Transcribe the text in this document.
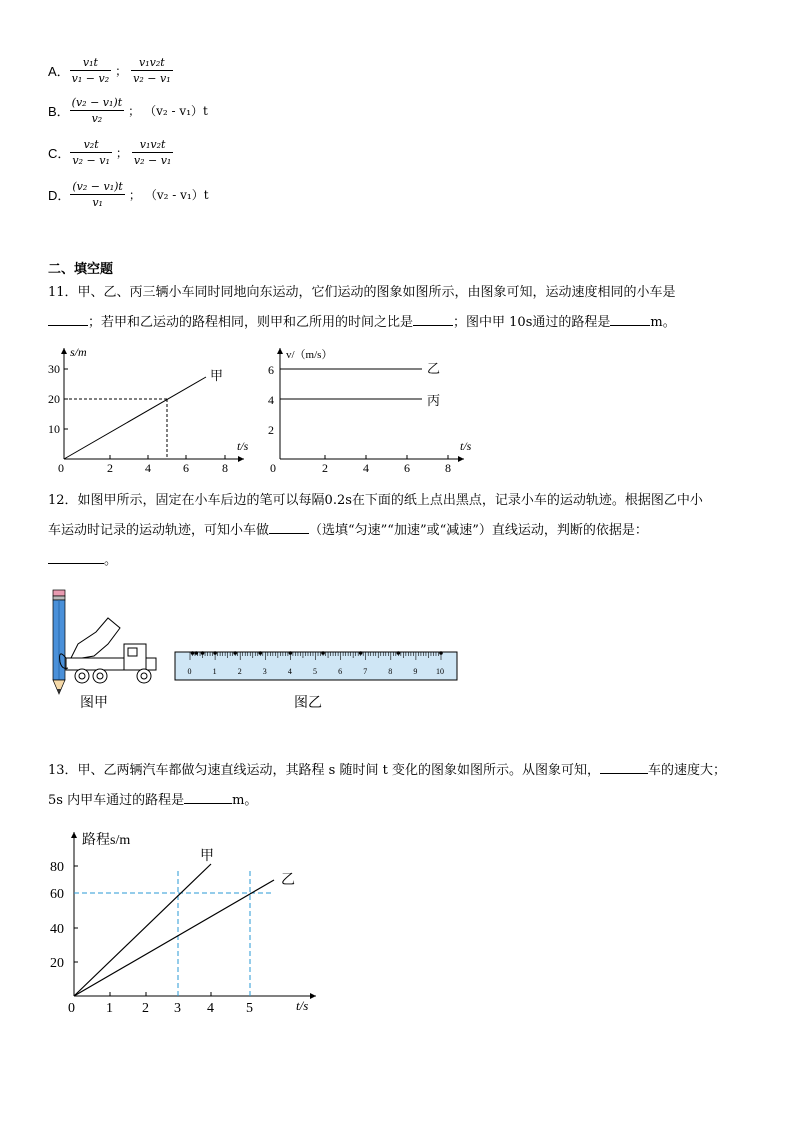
A． $\frac{\text{v₁t}}{\text{v₁ − v₂}}$ ； $\frac{\text{v₁v₂t}}{\text{v₂ − v₁}}$
B． $\frac{\text{(v₂ − v₁)t}}{\text{v₂}}$ ； （v₂ - v₁）t
C． $\frac{\text{v₂t}}{\text{v₂ − v₁}}$ ； $\frac{\text{v₁v₂t}}{\text{v₂ − v₁}}$
D． $\frac{\text{(v₂ − v₁)t}}{\text{v₁}}$ ； （v₂ - v₁）t
二、填空题
11．甲、乙、丙三辆小车同时同地向东运动，它们运动的图象如图所示，由图象可知，运动速度相同的小车是
；若甲和乙运动的路程相同，则甲和乙所用的时间之比是	；图中甲 10s通过的路程是	m。
s/m
t/s
30
20
10
0	2	4	6	8
甲
v/（m/s）
t/s
6
4
2
0	2	4	6	8
乙
丙
12．如图甲所示，固定在小车后边的笔可以每隔0.2s在下面的纸上点出黑点，记录小车的运动轨迹。根据图乙中小
车运动时记录的运动轨迹，可知小车做	（选填“匀速”“加速”或“减速”）直线运动，判断的依据是：
。
图甲
0	1	2	3	4	5	6	7	8	9 10
图乙
13．甲、乙两辆汽车都做匀速直线运动，其路程 s 随时间 t 变化的图象如图所示。从图象可知，	车的速度大；
5s 内甲车通过的路程是	m。
路程s/m
t/s
80
60
40
20
0 1 2 3 4 5
甲
乙
